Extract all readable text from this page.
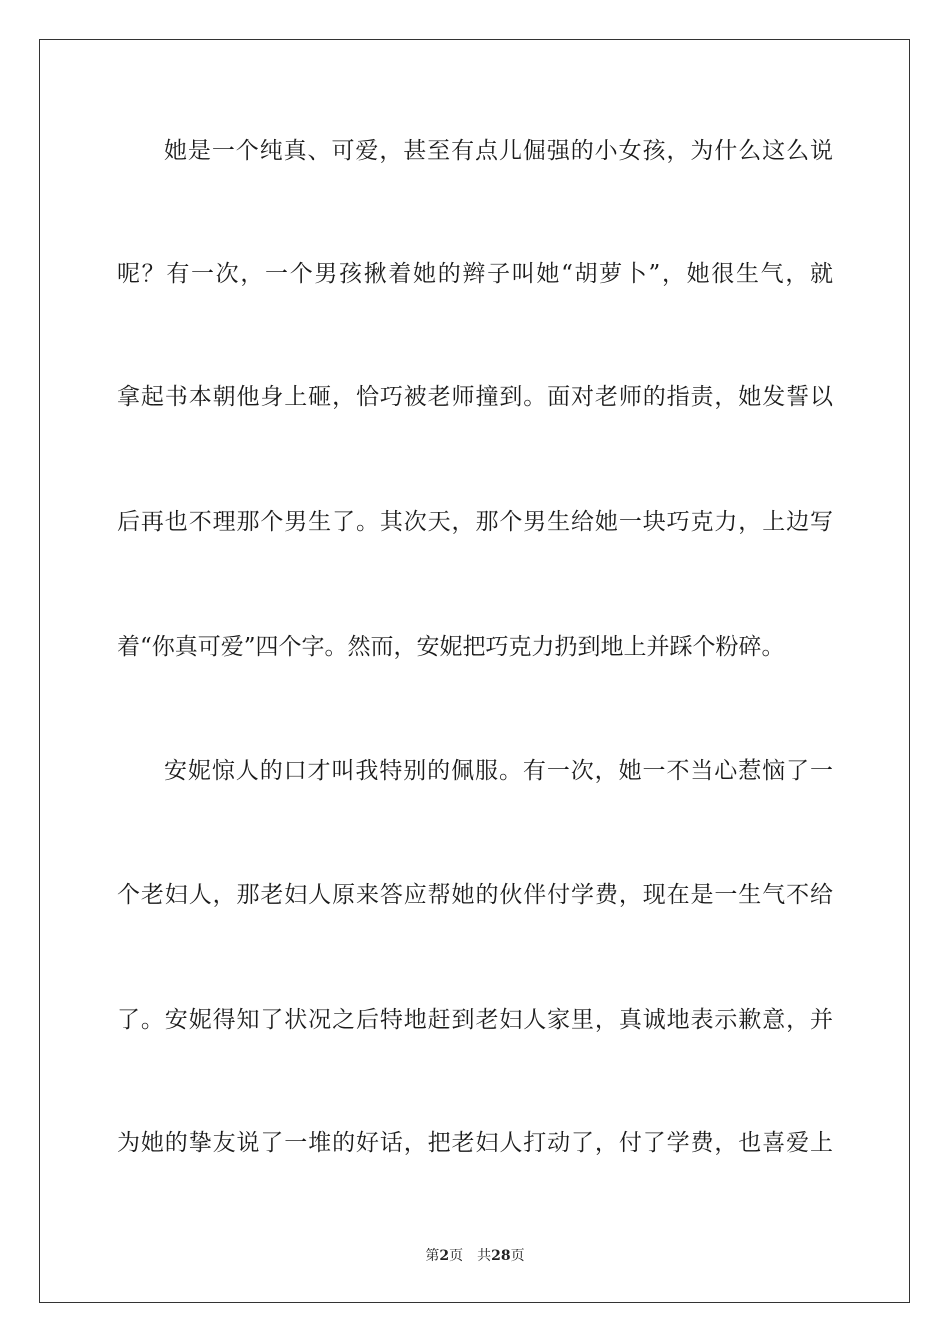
她是一个纯真、可爱，甚至有点儿倔强的小女孩，为什么这么说
呢？有一次，一个男孩揪着她的辫子叫她“胡萝卜”，她很生气，就
拿起书本朝他身上砸，恰巧被老师撞到。面对老师的指责，她发誓以
后再也不理那个男生了。其次天，那个男生给她一块巧克力，上边写
着“你真可爱”四个字。然而，安妮把巧克力扔到地上并踩个粉碎。
安妮惊人的口才叫我特别的佩服。有一次，她一不当心惹恼了一
个老妇人，那老妇人原来答应帮她的伙伴付学费，现在是一生气不给
了。安妮得知了状况之后特地赶到老妇人家里，真诚地表示歉意，并
为她的挚友说了一堆的好话，把老妇人打动了，付了学费，也喜爱上
第2页 共28页
